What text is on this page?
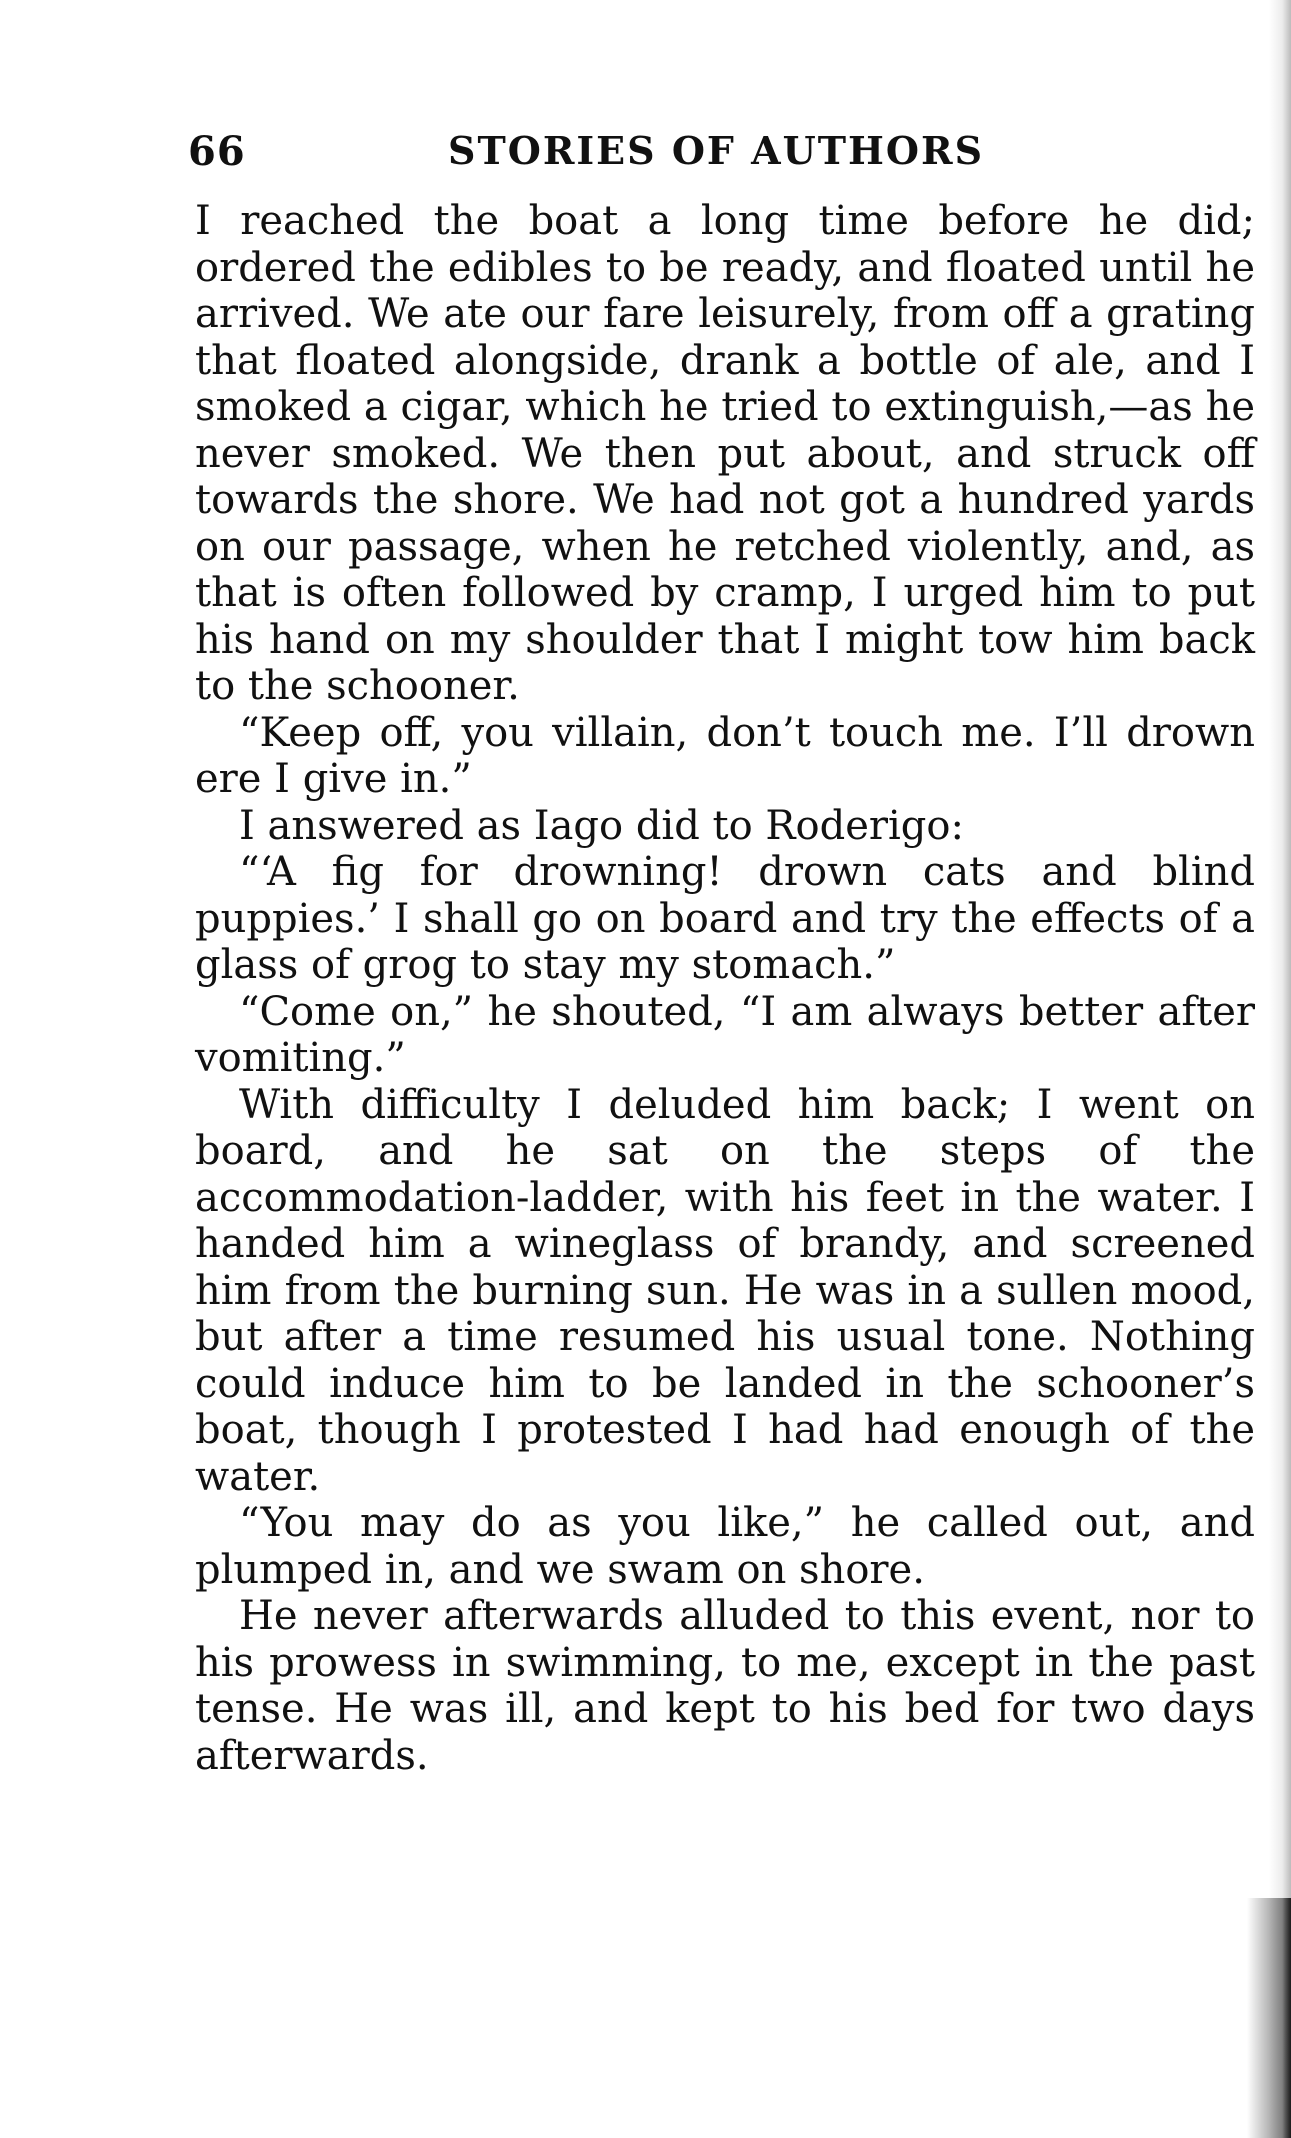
66	STORIES OF AUTHORS

I reached the boat a long time before he did; ordered the edibles to be ready, and floated until he arrived. We ate our fare leisurely, from off a grating that floated alongside, drank a bottle of ale, and I smoked a cigar, which he tried to extinguish,—as he never smoked. We then put about, and struck off towards the shore. We had not got a hundred yards on our passage, when he retched violently, and, as that is often followed by cramp, I urged him to put his hand on my shoulder that I might tow him back to the schooner.

“Keep off, you villain, don’t touch me. I’ll drown ere I give in.”

I answered as Iago did to Roderigo:

“‘A fig for drowning! drown cats and blind puppies.’ I shall go on board and try the effects of a glass of grog to stay my stomach.”

“Come on,” he shouted, “I am always better after vomiting.”

With difficulty I deluded him back; I went on board, and he sat on the steps of the accommodation-ladder, with his feet in the water. I handed him a wineglass of brandy, and screened him from the burning sun. He was in a sullen mood, but after a time resumed his usual tone. Nothing could induce him to be landed in the schooner’s boat, though I protested I had had enough of the water.

“You may do as you like,” he called out, and plumped in, and we swam on shore.

He never afterwards alluded to this event, nor to his prowess in swimming, to me, except in the past tense. He was ill, and kept to his bed for two days afterwards.
